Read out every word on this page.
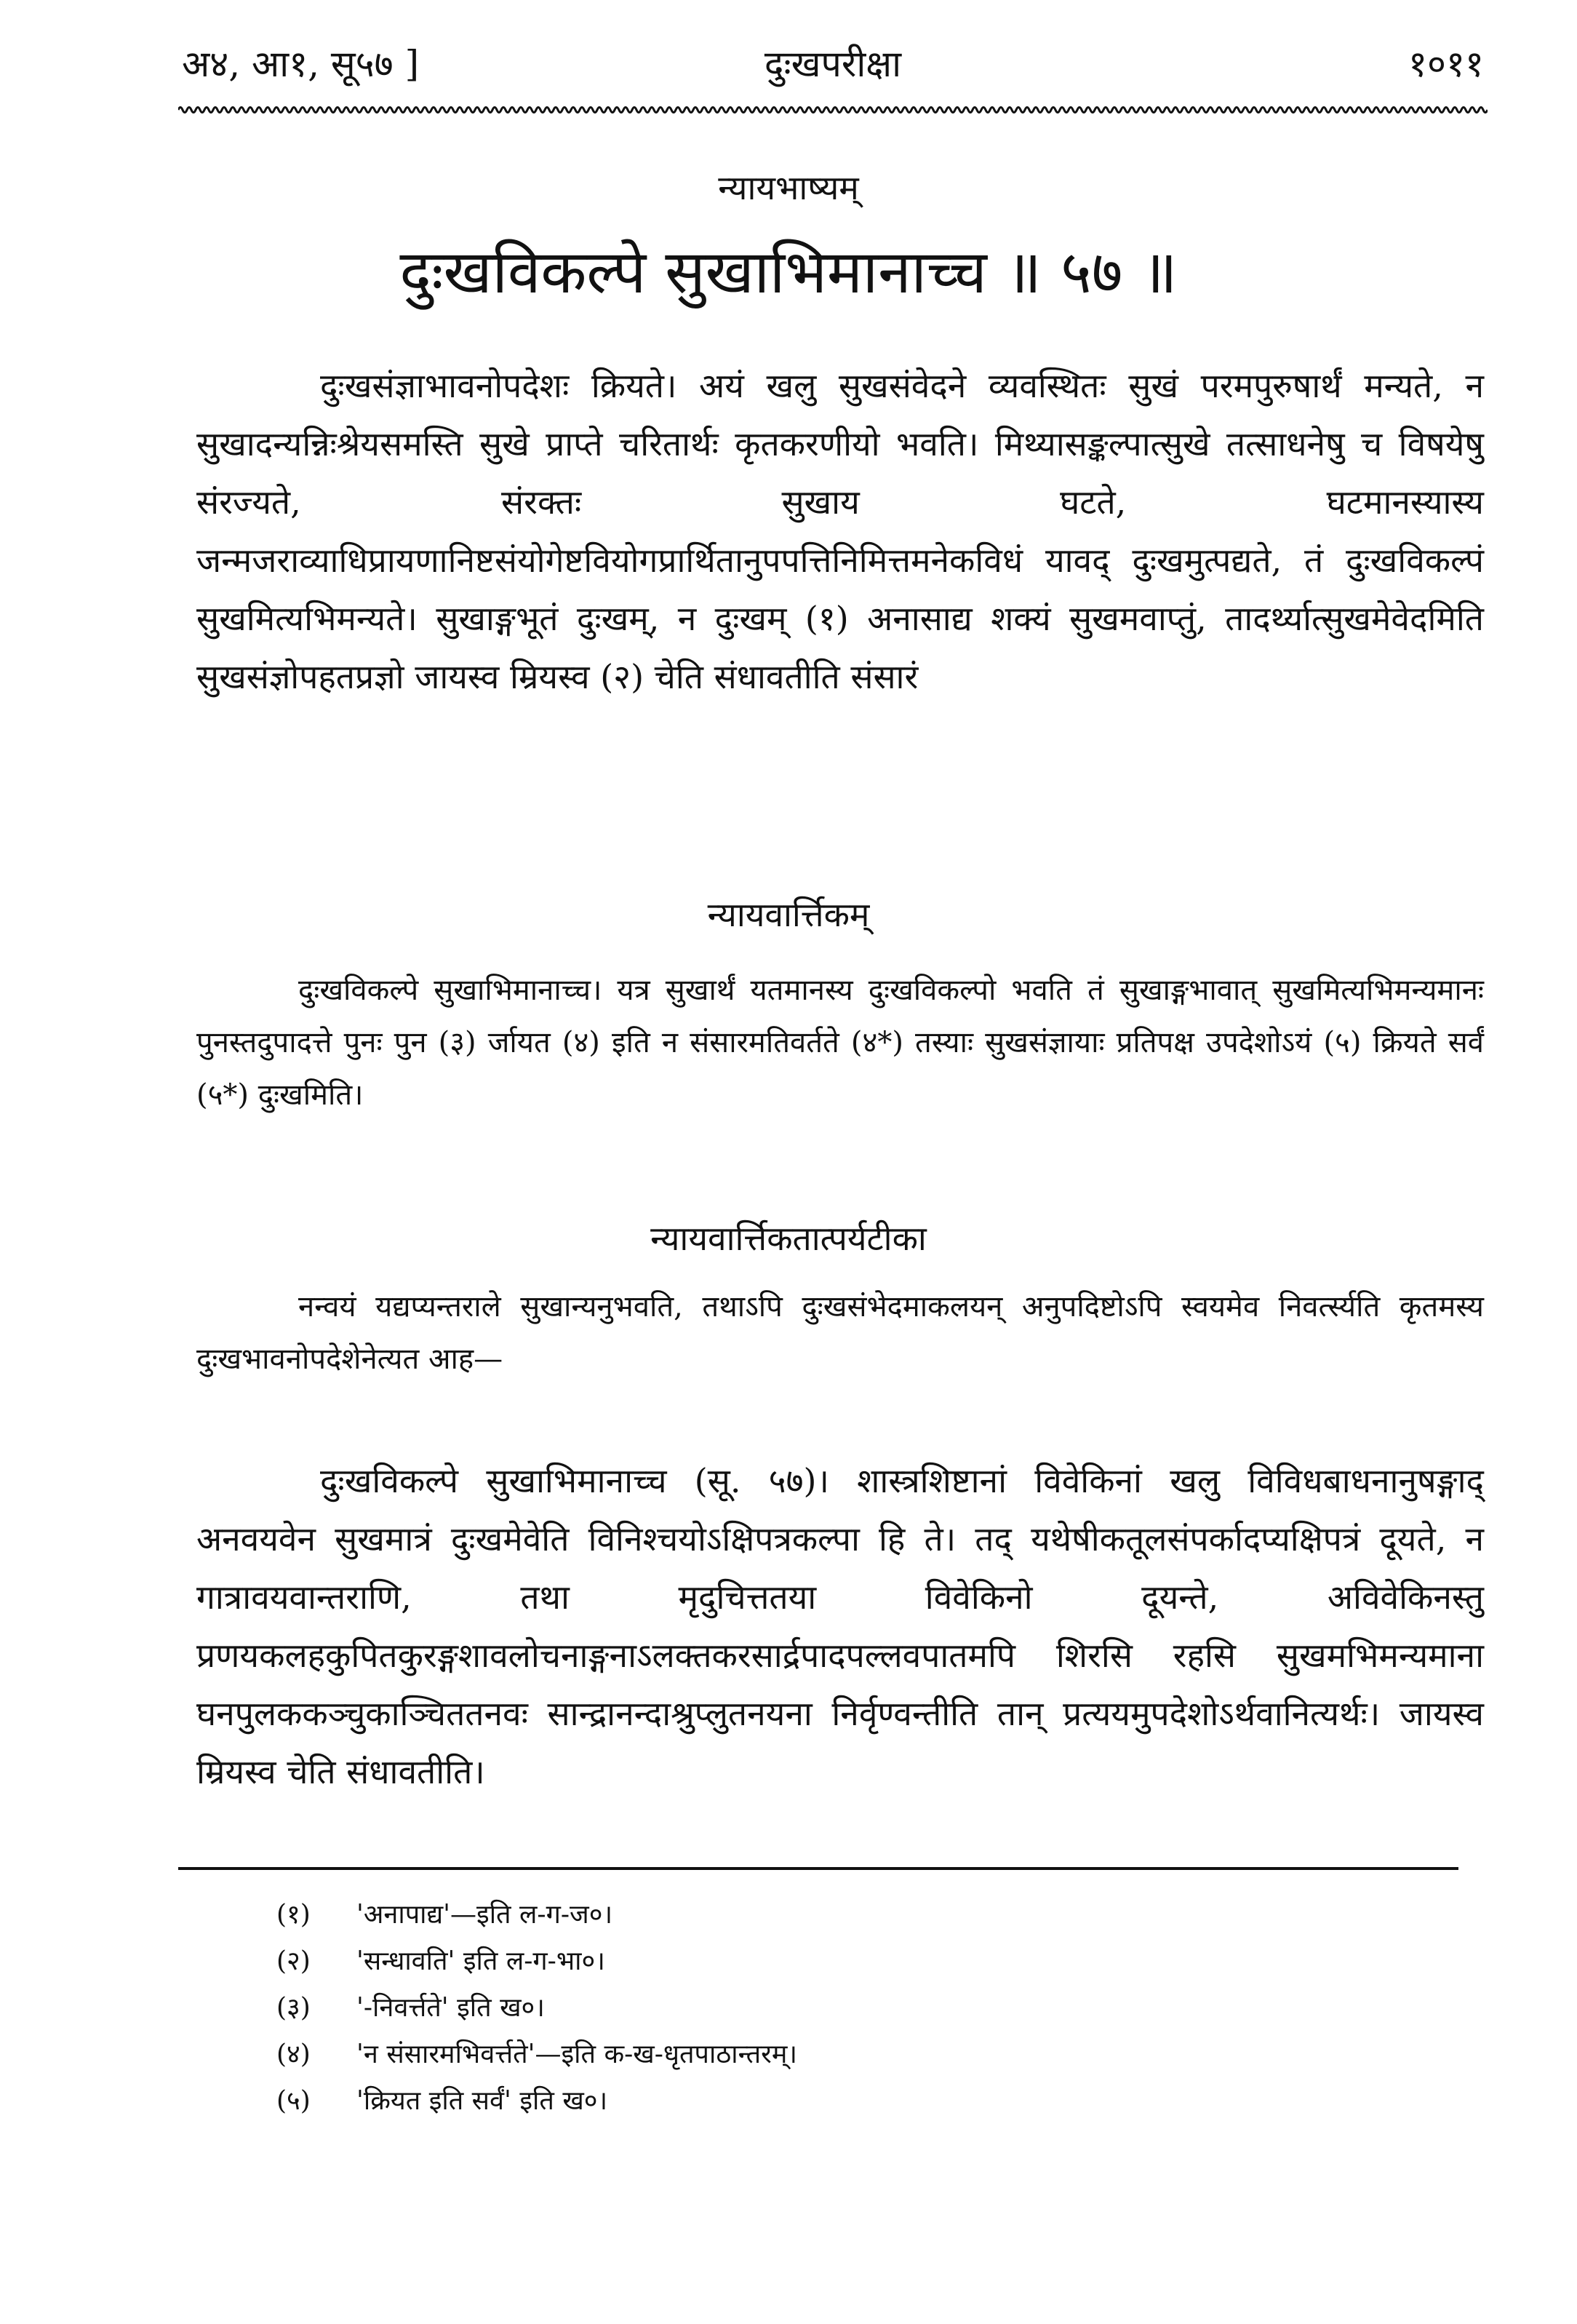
अ४, आ१, सू५७ ]	दुःखपरीक्षा	१०११
न्यायभाष्यम्
दुःखविकल्पे सुखाभिमानाच्च ॥ ५७ ॥

दुःखसंज्ञाभावनोपदेशः क्रियते। अयं खलु सुखसंवेदने व्यवस्थितः सुखं परमपुरुषार्थं मन्यते, न सुखादन्यन्निःश्रेयसमस्ति सुखे प्राप्ते चरितार्थः कृतकरणीयो भवति। मिथ्यासङ्कल्पात्सुखे तत्साधनेषु च विषयेषु संरज्यते, संरक्तः सुखाय घटते, घटमानस्यास्य जन्मजराव्याधिप्रायणानिष्टसंयोगेष्टवियोगप्रार्थितानुपपत्तिनिमित्तमनेकविधं यावद् दुःखमुत्पद्यते, तं दुःखविकल्पं सुखमित्यभिमन्यते। सुखाङ्गभूतं दुःखम्, न दुःखम् (१) अनासाद्य शक्यं सुखमवाप्तुं, तादर्थ्यात्सुखमेवेदमिति सुखसंज्ञोपहतप्रज्ञो जायस्व म्रियस्व (२) चेति संधावतीति संसारं

न्यायवार्त्तिकम्

दुःखविकल्पे सुखाभिमानाच्च। यत्र सुखार्थं यतमानस्य दुःखविकल्पो भवति तं सुखाङ्गभावात् सुखमित्यभिमन्यमानः पुनस्तदुपादत्ते पुनः पुन (३) र्जायत (४) इति न संसारमतिवर्तते (४*) तस्याः सुखसंज्ञायाः प्रतिपक्ष उपदेशोऽयं (५) क्रियते सर्वं (५*) दुःखमिति।

न्यायवार्त्तिकतात्पर्यटीका

नन्वयं यद्यप्यन्तराले सुखान्यनुभवति, तथाऽपि दुःखसंभेदमाकलयन् अनुपदिष्टोऽपि स्वयमेव निवर्त्स्यति कृतमस्य दुःखभावनोपदेशेनेत्यत आह—

दुःखविकल्पे सुखाभिमानाच्च (सू. ५७)। शास्त्रशिष्टानां विवेकिनां खलु विविधबाधनानुषङ्गाद् अनवयवेन सुखमात्रं दुःखमेवेति विनिश्चयोऽक्षिपत्रकल्पा हि ते। तद् यथेषीकतूलसंपर्कादप्यक्षिपत्रं दूयते, न गात्रावयवान्तराणि, तथा मृदुचित्ततया विवेकिनो दूयन्ते, अविवेकिनस्तु प्रणयकलहकुपितकुरङ्गशावलोचनाङ्गनाऽलक्तकरसार्द्रपादपल्लवपातमपि शिरसि रहसि सुखमभिमन्यमाना घनपुलककञ्चुकाञ्चिततनवः सान्द्रानन्दाश्रुप्लुतनयना निर्वृण्वन्तीति तान् प्रत्ययमुपदेशोऽर्थवानित्यर्थः। जायस्व म्रियस्व चेति संधावतीति।

(१) 'अनापाद्य'—इति ल-ग-ज०।
(२) 'सन्धावति' इति ल-ग-भा०।
(३) '-निवर्त्तते' इति ख०।
(४) 'न संसारमभिवर्त्तते'—इति क-ख-धृतपाठान्तरम्।
(५) 'क्रियत इति सर्वं' इति ख०।
